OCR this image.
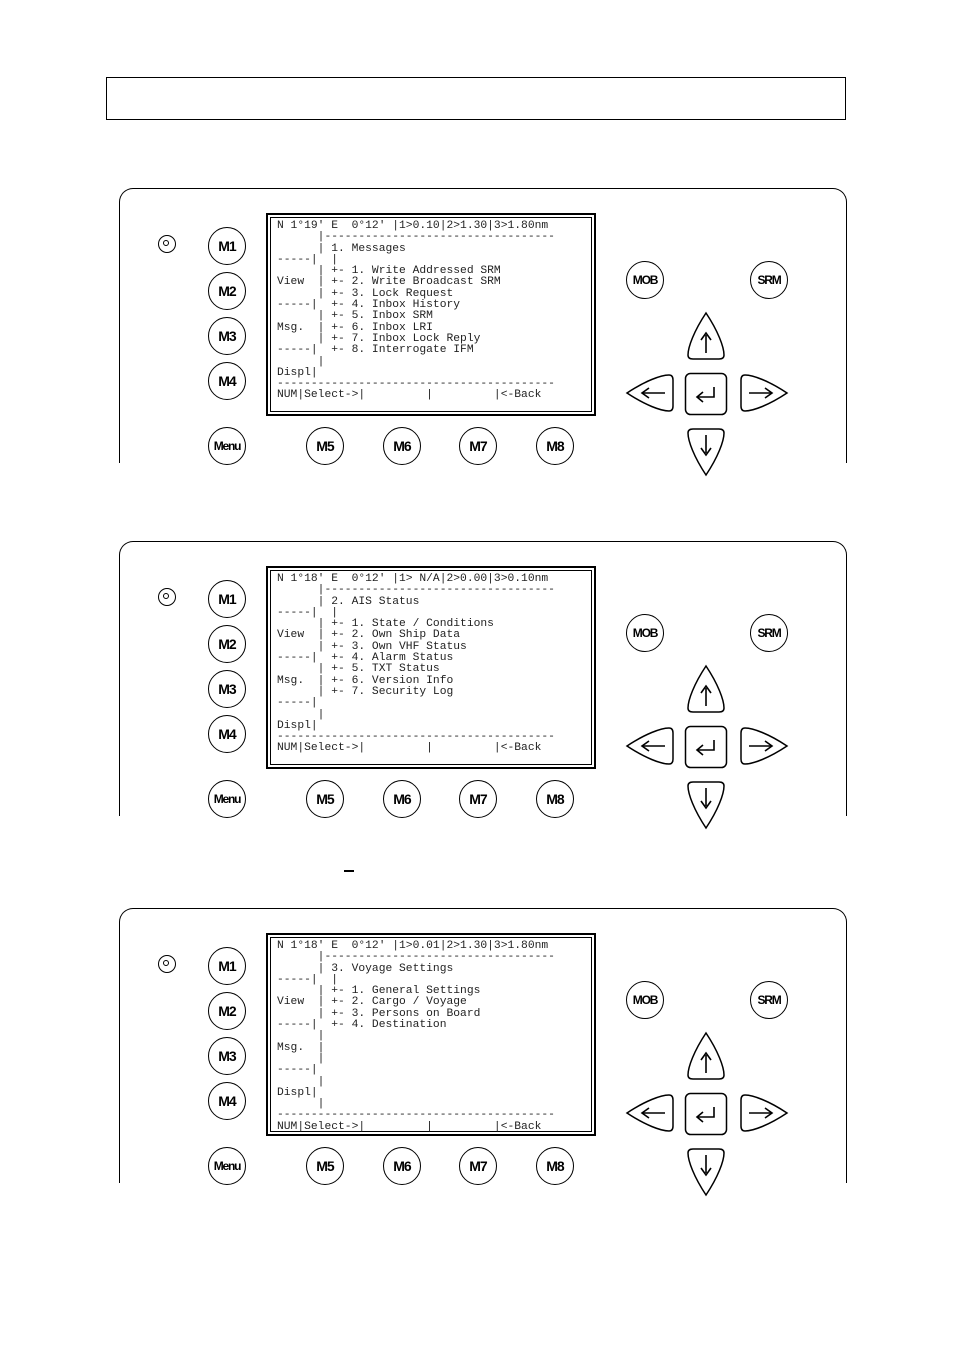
M1
M2
M3
M4
N 1°19' E  0°12' |1>0.10|2>1.30|3>1.80nm
|----------------------------------
| 1. Messages
-----|  |
| +- 1. Write Addressed SRM
View  | +- 2. Write Broadcast SRM
| +- 3. Lock Request
-----|  +- 4. Inbox History
| +- 5. Inbox SRM
Msg.  | +- 6. Inbox LRI
| +- 7. Inbox Lock Reply
-----|  +- 8. Interrogate IFM
|
Displ|
-----------------------------------------
NUM|Select->|         |         |<-Back
Menu	M5	M6	M7	M8
MOB	SRM
M1
M2
M3
M4
N 1°18' E  0°12' |1> N/A|2>0.00|3>0.10nm
|----------------------------------
| 2. AIS Status
-----|  |
| +- 1. State / Conditions
View  | +- 2. Own Ship Data
| +- 3. Own VHF Status
-----|  +- 4. Alarm Status
| +- 5. TXT Status
Msg.  | +- 6. Version Info
| +- 7. Security Log
-----|
|
Displ|
-----------------------------------------
NUM|Select->|         |         |<-Back
Menu	M5	M6	M7	M8
MOB	SRM
M1
M2
M3
M4
N 1°18' E  0°12' |1>0.01|2>1.30|3>1.80nm
|----------------------------------
| 3. Voyage Settings
-----|  |
| +- 1. General Settings
View  | +- 2. Cargo / Voyage
| +- 3. Persons on Board
-----|  +- 4. Destination
|
Msg.  |
|
-----|
|
Displ|
|
-----------------------------------------
NUM|Select->|         |         |<-Back
Menu	M5	M6	M7	M8
MOB	SRM
